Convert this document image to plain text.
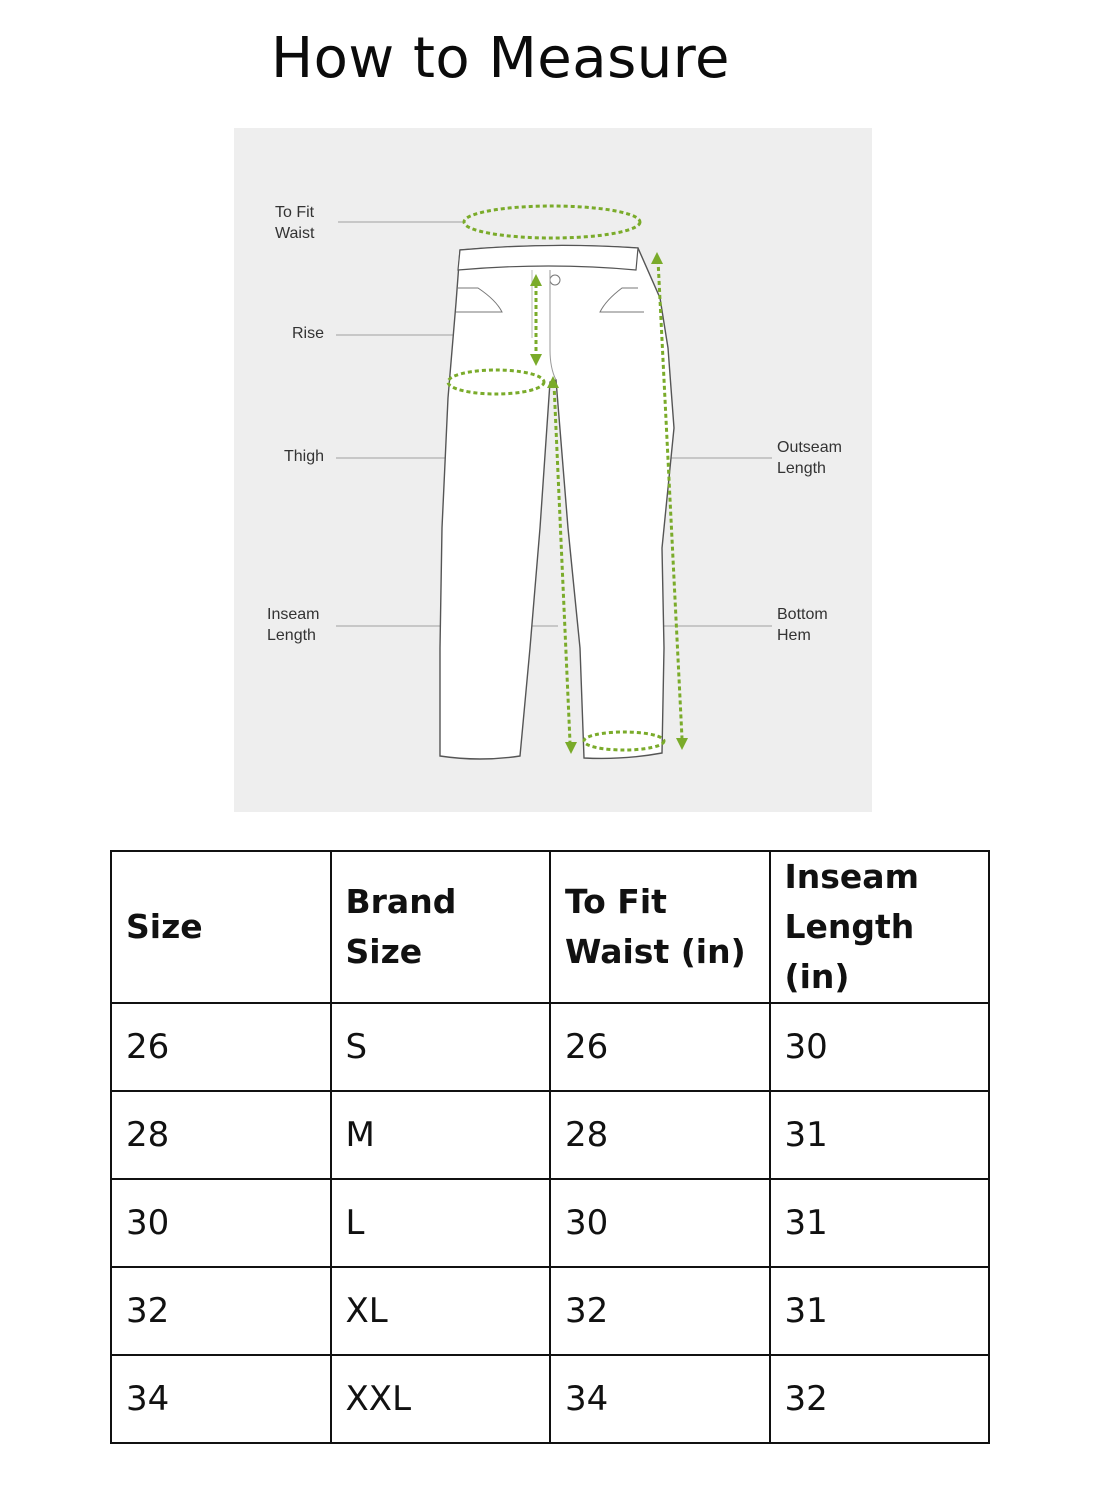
How to Measure
To Fit
Waist
Rise
Thigh
Inseam
Length
Outseam
Length
Bottom
Hem
Size	Brand Size	To Fit Waist (in)	Inseam Length (in)
26	S	26	30
28	M	28	31
30	L	30	31
32	XL	32	31
34	XXL	34	32
